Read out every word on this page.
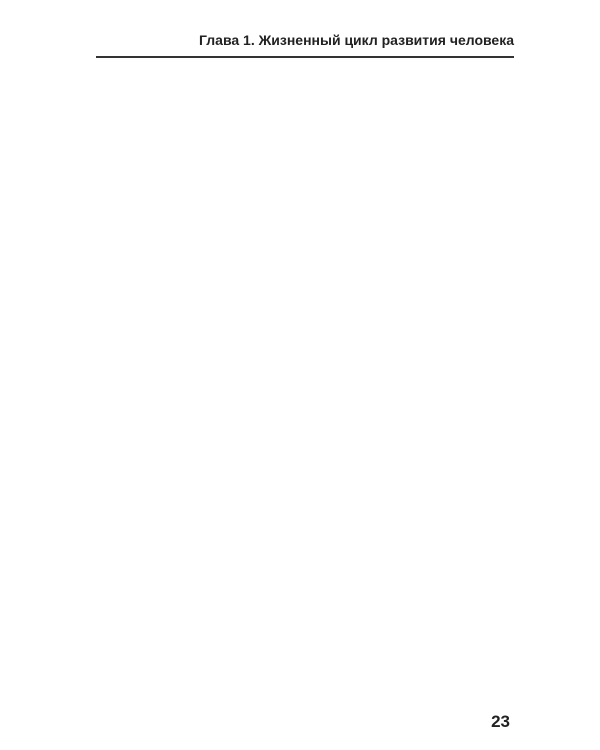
Глава 1. Жизненный цикл развития человека

23
